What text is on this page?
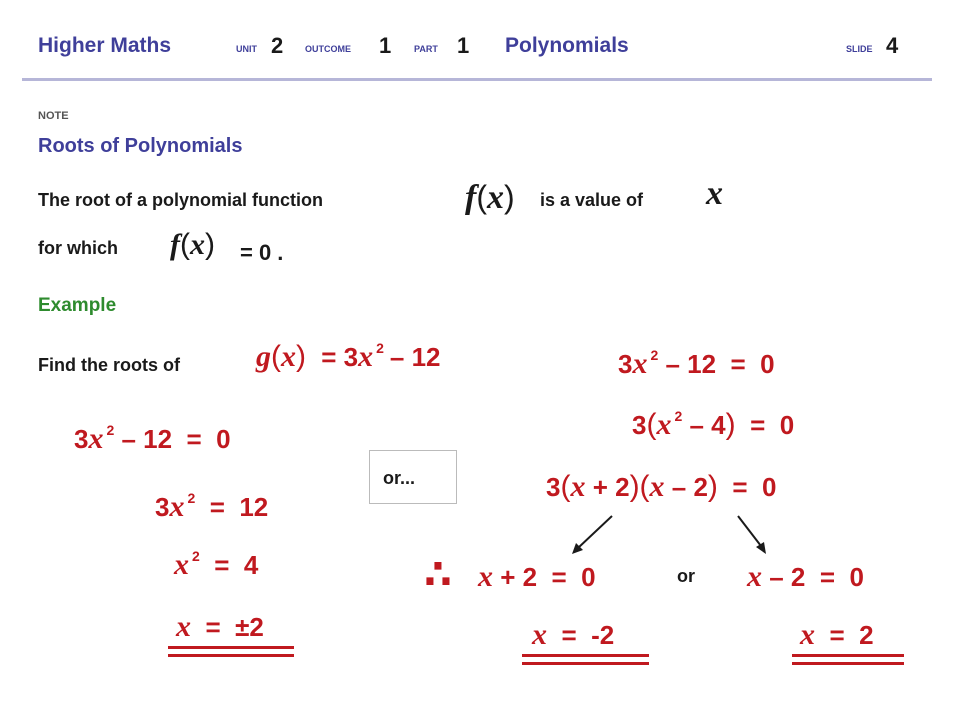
Higher Maths	UNIT 2 OUTCOME 1	PART 1 Polynomials	SLIDE 4
NOTE
Roots of Polynomials
The root of a polynomial function	f(x) is a value of x
for which f(x) = 0 .
Example
Find the roots of	g(x) = 3x $^2$ – 12
3x $^2$ – 12  =  0
3x $^2$  =  12
x $^2$  =  4
x  =  ±2
or...
3x $^2$ – 12  =  0
3(x $^2$ – 4)  =  0
3(x + 2)(x – 2)  =  0
∴ x + 2  =  0	or x – 2  =  0
x  =  -2	x  =  2
